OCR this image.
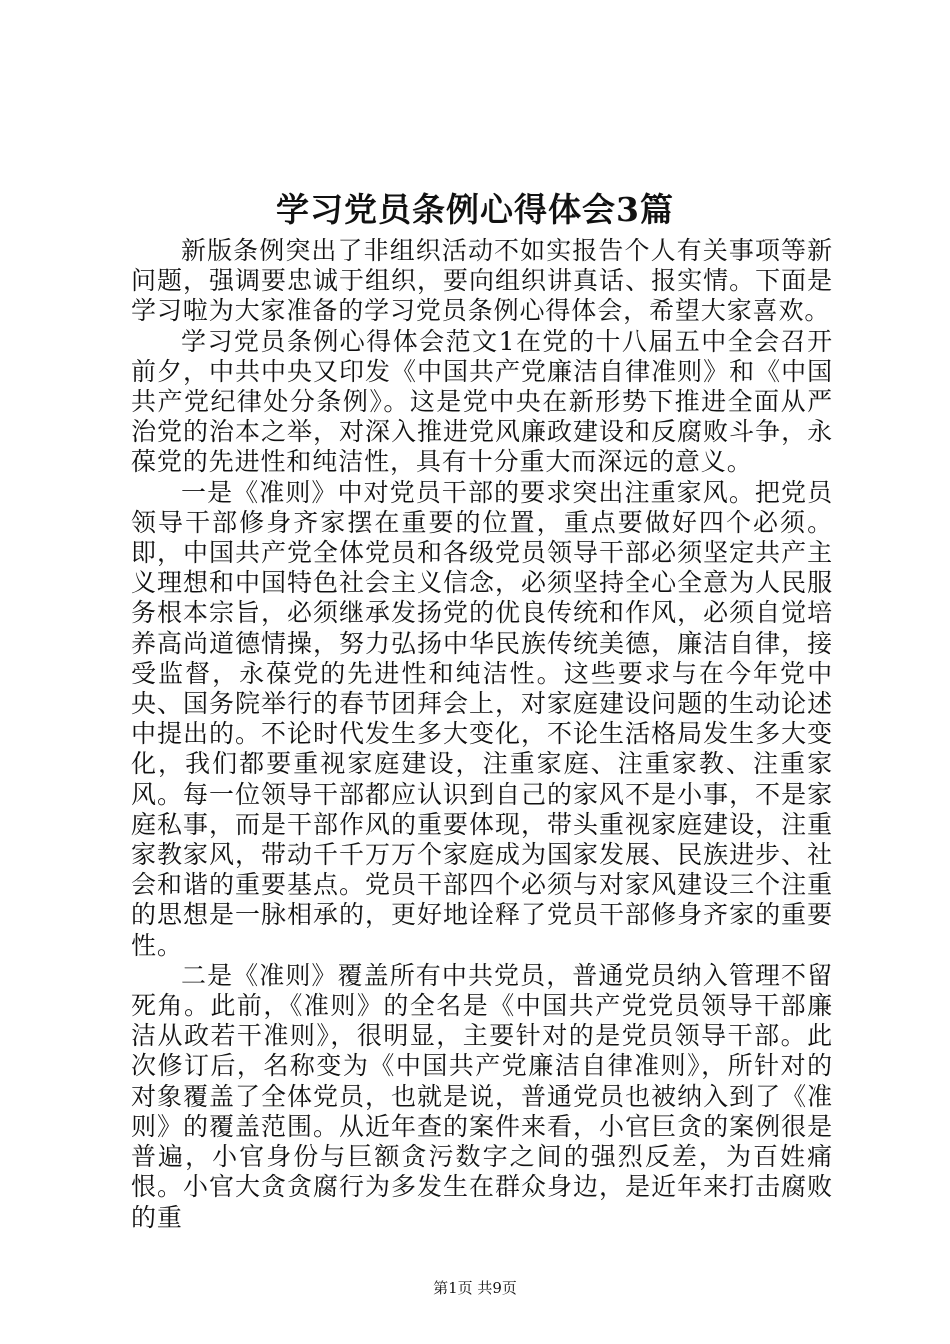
学习党员条例心得体会3篇

新版条例突出了非组织活动不如实报告个人有关事项等新问题，强调要忠诚于组织，要向组织讲真话、报实情。下面是学习啦为大家准备的学习党员条例心得体会，希望大家喜欢。

学习党员条例心得体会范文1在党的十八届五中全会召开前夕，中共中央又印发《中国共产党廉洁自律准则》和《中国共产党纪律处分条例》。这是党中央在新形势下推进全面从严治党的治本之举，对深入推进党风廉政建设和反腐败斗争，永葆党的先进性和纯洁性，具有十分重大而深远的意义。

一是《准则》中对党员干部的要求突出注重家风。把党员领导干部修身齐家摆在重要的位置，重点要做好四个必须。即，中国共产党全体党员和各级党员领导干部必须坚定共产主义理想和中国特色社会主义信念，必须坚持全心全意为人民服务根本宗旨，必须继承发扬党的优良传统和作风，必须自觉培养高尚道德情操，努力弘扬中华民族传统美德，廉洁自律，接受监督，永葆党的先进性和纯洁性。这些要求与在今年党中央、国务院举行的春节团拜会上，对家庭建设问题的生动论述中提出的。不论时代发生多大变化，不论生活格局发生多大变化，我们都要重视家庭建设，注重家庭、注重家教、注重家风。每一位领导干部都应认识到自己的家风不是小事，不是家庭私事，而是干部作风的重要体现，带头重视家庭建设，注重家教家风，带动千千万万个家庭成为国家发展、民族进步、社会和谐的重要基点。党员干部四个必须与对家风建设三个注重的思想是一脉相承的，更好地诠释了党员干部修身齐家的重要性。

二是《准则》覆盖所有中共党员，普通党员纳入管理不留死角。此前，《准则》的全名是《中国共产党党员领导干部廉洁从政若干准则》，很明显，主要针对的是党员领导干部。此次修订后，名称变为《中国共产党廉洁自律准则》，所针对的对象覆盖了全体党员，也就是说，普通党员也被纳入到了《准则》的覆盖范围。从近年查的案件来看，小官巨贪的案例很是普遍，小官身份与巨额贪污数字之间的强烈反差，为百姓痛恨。小官大贪贪腐行为多发生在群众身边，是近年来打击腐败的重

第1页 共9页
